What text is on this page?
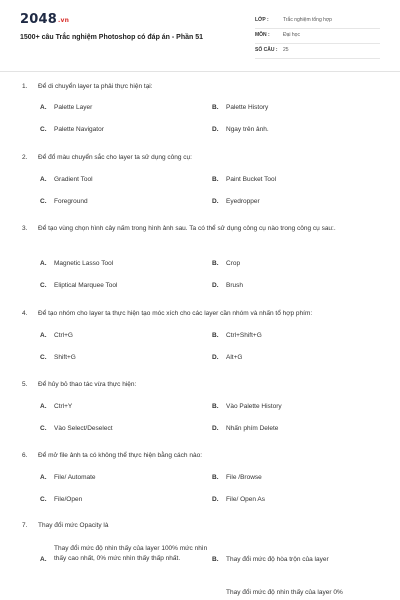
2048.vn
1500+ câu Trắc nghiệm Photoshop có đáp án - Phần 51
LỚP :	Trắc nghiệm tổng hợp
MÔN :	Đại học
SỐ CÂU : 25
1.	Để di chuyển layer ta phải thực hiện tại:
A. Palette Layer	B. Palette History
C. Palette Navigator	D. Ngay trên ảnh.
2.	Để đổ màu chuyển sắc cho layer ta sử dụng công cụ:
A. Gradient Tool	B. Paint Bucket Tool
C. Foreground	D. Eyedropper
3.	Để tạo vùng chọn hình cây nấm trong hình ảnh sau. Ta có thể sử dụng công cụ nào trong công cụ sau:.
A. Magnetic Lasso Tool	B. Crop
C. Eliptical Marquee Tool	D. Brush
4.	Để tạo nhóm cho layer ta thực hiện tạo móc xích cho các layer cần nhóm và nhấn tổ hợp phím:
A. Ctrl+G	B. Ctrl+Shift+G
C. Shift+G	D. Alt+G
5.	Để hủy bỏ thao tác vừa thực hiện:
A. Ctrl+Y	B. Vào Palette History
C. Vào Select/Deselect	D. Nhấn phím Delete
6.	Để mở file ảnh ta có không thể thực hiện bằng cách nào:
A. File/ Automate	B. File /Browse
C. File/Open	D. File/ Open As
7.	Thay đổi mức Opacity là
A.
Thay đổi mức độ nhìn thấy của layer 100% mức nhìn thấy cao nhất, 0% mức nhìn thấy thấp nhất.	B. Thay đổi mức độ hòa trộn của layer
Thay đổi mức độ nhìn thấy của layer 0%
